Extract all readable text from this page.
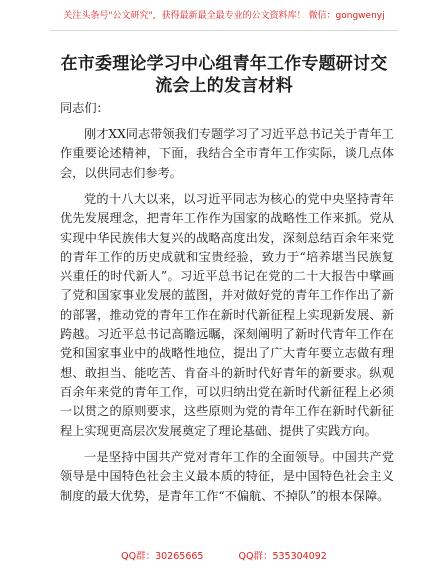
关注头条号"公文研究"，获得最新最全最专业的公文资料库！ 微信：gongwenyj
在市委理论学习中心组青年工作专题研讨交流会上的发言材料

同志们：

刚才XX同志带领我们专题学习了习近平总书记关于青年工作重要论述精神，下面，我结合全市青年工作实际，谈几点体会，以供同志们参考。

党的十八大以来，以习近平同志为核心的党中央坚持青年优先发展理念，把青年工作作为国家的战略性工作来抓。党从实现中华民族伟大复兴的战略高度出发，深刻总结百余年来党的青年工作的历史成就和宝贵经验，致力于“培养堪当民族复兴重任的时代新人”。习近平总书记在党的二十大报告中擘画了党和国家事业发展的蓝图，并对做好党的青年工作作出了新的部署，推动党的青年工作在新时代新征程上实现新发展、新跨越。习近平总书记高瞻远瞩，深刻阐明了新时代青年工作在党和国家事业中的战略性地位，提出了广大青年要立志做有理想、敢担当、能吃苦、肯奋斗的新时代好青年的新要求。纵观百余年来党的青年工作，可以归纳出党在新时代新征程上必须一以贯之的原则要求，这些原则为党的青年工作在新时代新征程上实现更高层次发展奠定了理论基础、提供了实践方向。

一是坚持中国共产党对青年工作的全面领导。中国共产党领导是中国特色社会主义最本质的特征，是中国特色社会主义制度的最大优势，是青年工作“不偏航、不掉队”的根本保障。

QQ群：30265665	QQ群：535304092
